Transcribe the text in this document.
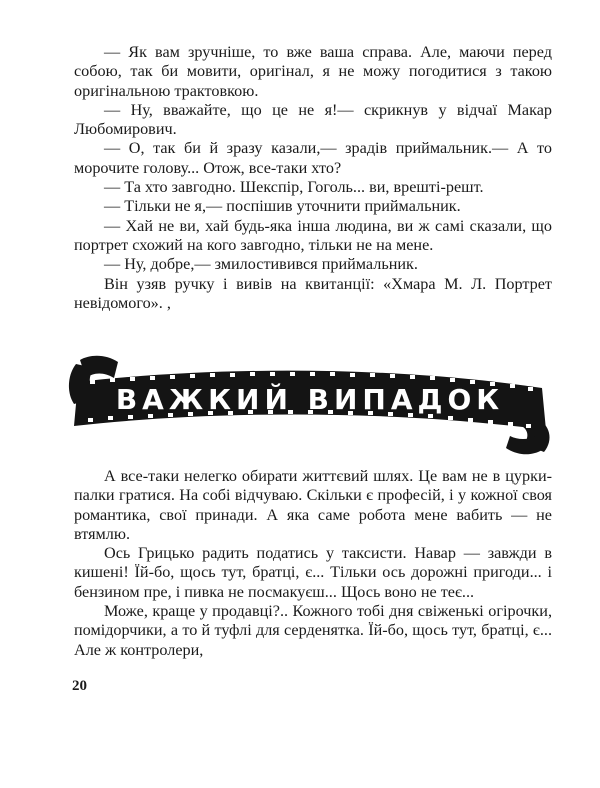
— Як вам зручніше, то вже ваша справа. Але, маючи перед собою, так би мовити, оригінал, я не можу погодитися з такою оригінальною трактовкою.

— Ну, вважайте, що це не я!— скрикнув у відчаї Макар Любомирович.

— О, так би й зразу казали,— зрадів приймальник.— А то морочите голову... Отож, все-таки хто?

— Та хто завгодно. Шекспір, Гоголь... ви, врешті-решт.

— Тільки не я,— поспішив уточнити приймальник.

— Хай не ви, хай будь-яка інша людина, ви ж самі сказали, що портрет схожий на кого завгодно, тільки не на мене.

— Ну, добре,— змилостивився приймальник.

Він узяв ручку і вивів на квитанції: «Хмара М. Л. Портрет невідомого». ,

ВАЖКИЙ ВИПАДОК

А все-таки нелегко обирати життєвий шлях. Це вам не в цурки-палки гратися. На собі відчуваю. Скільки є професій, і у кожної своя романтика, свої принади. А яка саме робота мене вабить — не втямлю.

Ось Грицько радить податись у таксисти. Навар — завжди в кишені! Їй-бо, щось тут, братці, є... Тільки ось дорожні пригоди... і бензином пре, і пивка не посмакуєш... Щось воно не теє...

Може, краще у продавці?.. Кожного тобі дня свіженькі огірочки, помідорчики, а то й туфлі для серденятка. Їй-бо, щось тут, братці, є... Але ж контролери,

20
